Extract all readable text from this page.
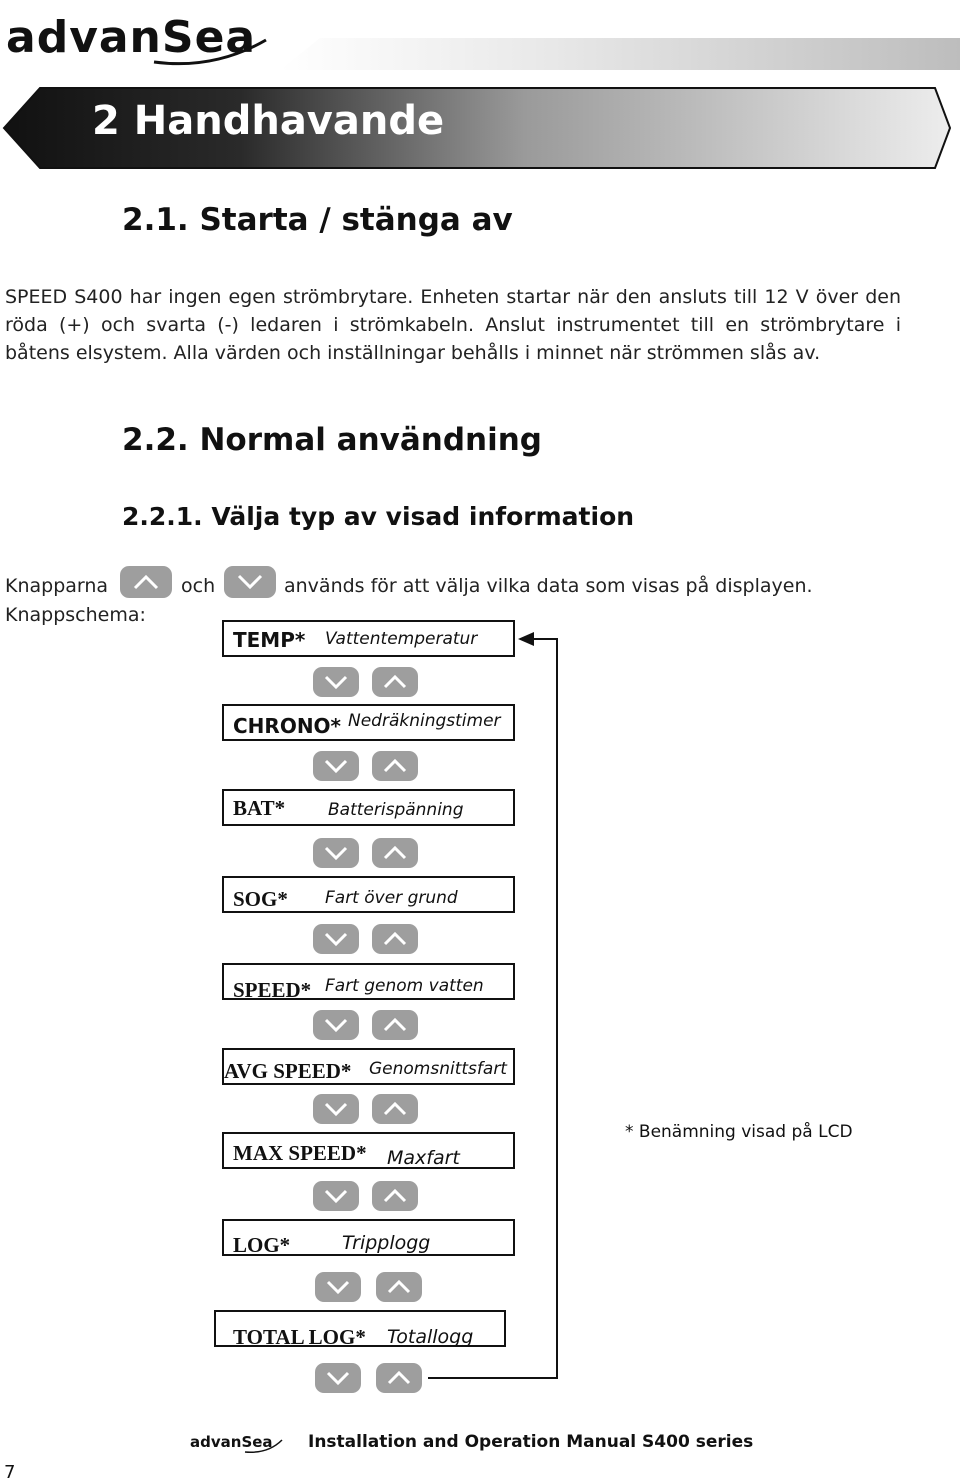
advanSea
2 Handhavande
2.1. Starta / stänga av
SPEED S400 har ingen egen strömbrytare. Enheten startar när den ansluts till 12 V över den röda (+) och svarta (-) ledaren i strömkabeln. Anslut instrumentet till en strömbrytare i båtens elsystem. Alla värden och inställningar behålls i minnet när strömmen slås av.
2.2. Normal användning
2.2.1. Välja typ av visad information
Knapparna	och	används för att välja vilka data som visas på displayen.
Knappschema:
TEMP* Vattentemperatur
CHRONO* Nedräkningstimer
BAT*	Batterispänning
SOG* Fart över grund
SPEED* Fart genom vatten
AVG SPEED* Genomsnittsfart
MAX SPEED* Maxfart
LOG*	Tripplogg
TOTAL LOG* Totallogg
* Benämning visad på LCD
advanSea Installation and Operation Manual S400 series
7
